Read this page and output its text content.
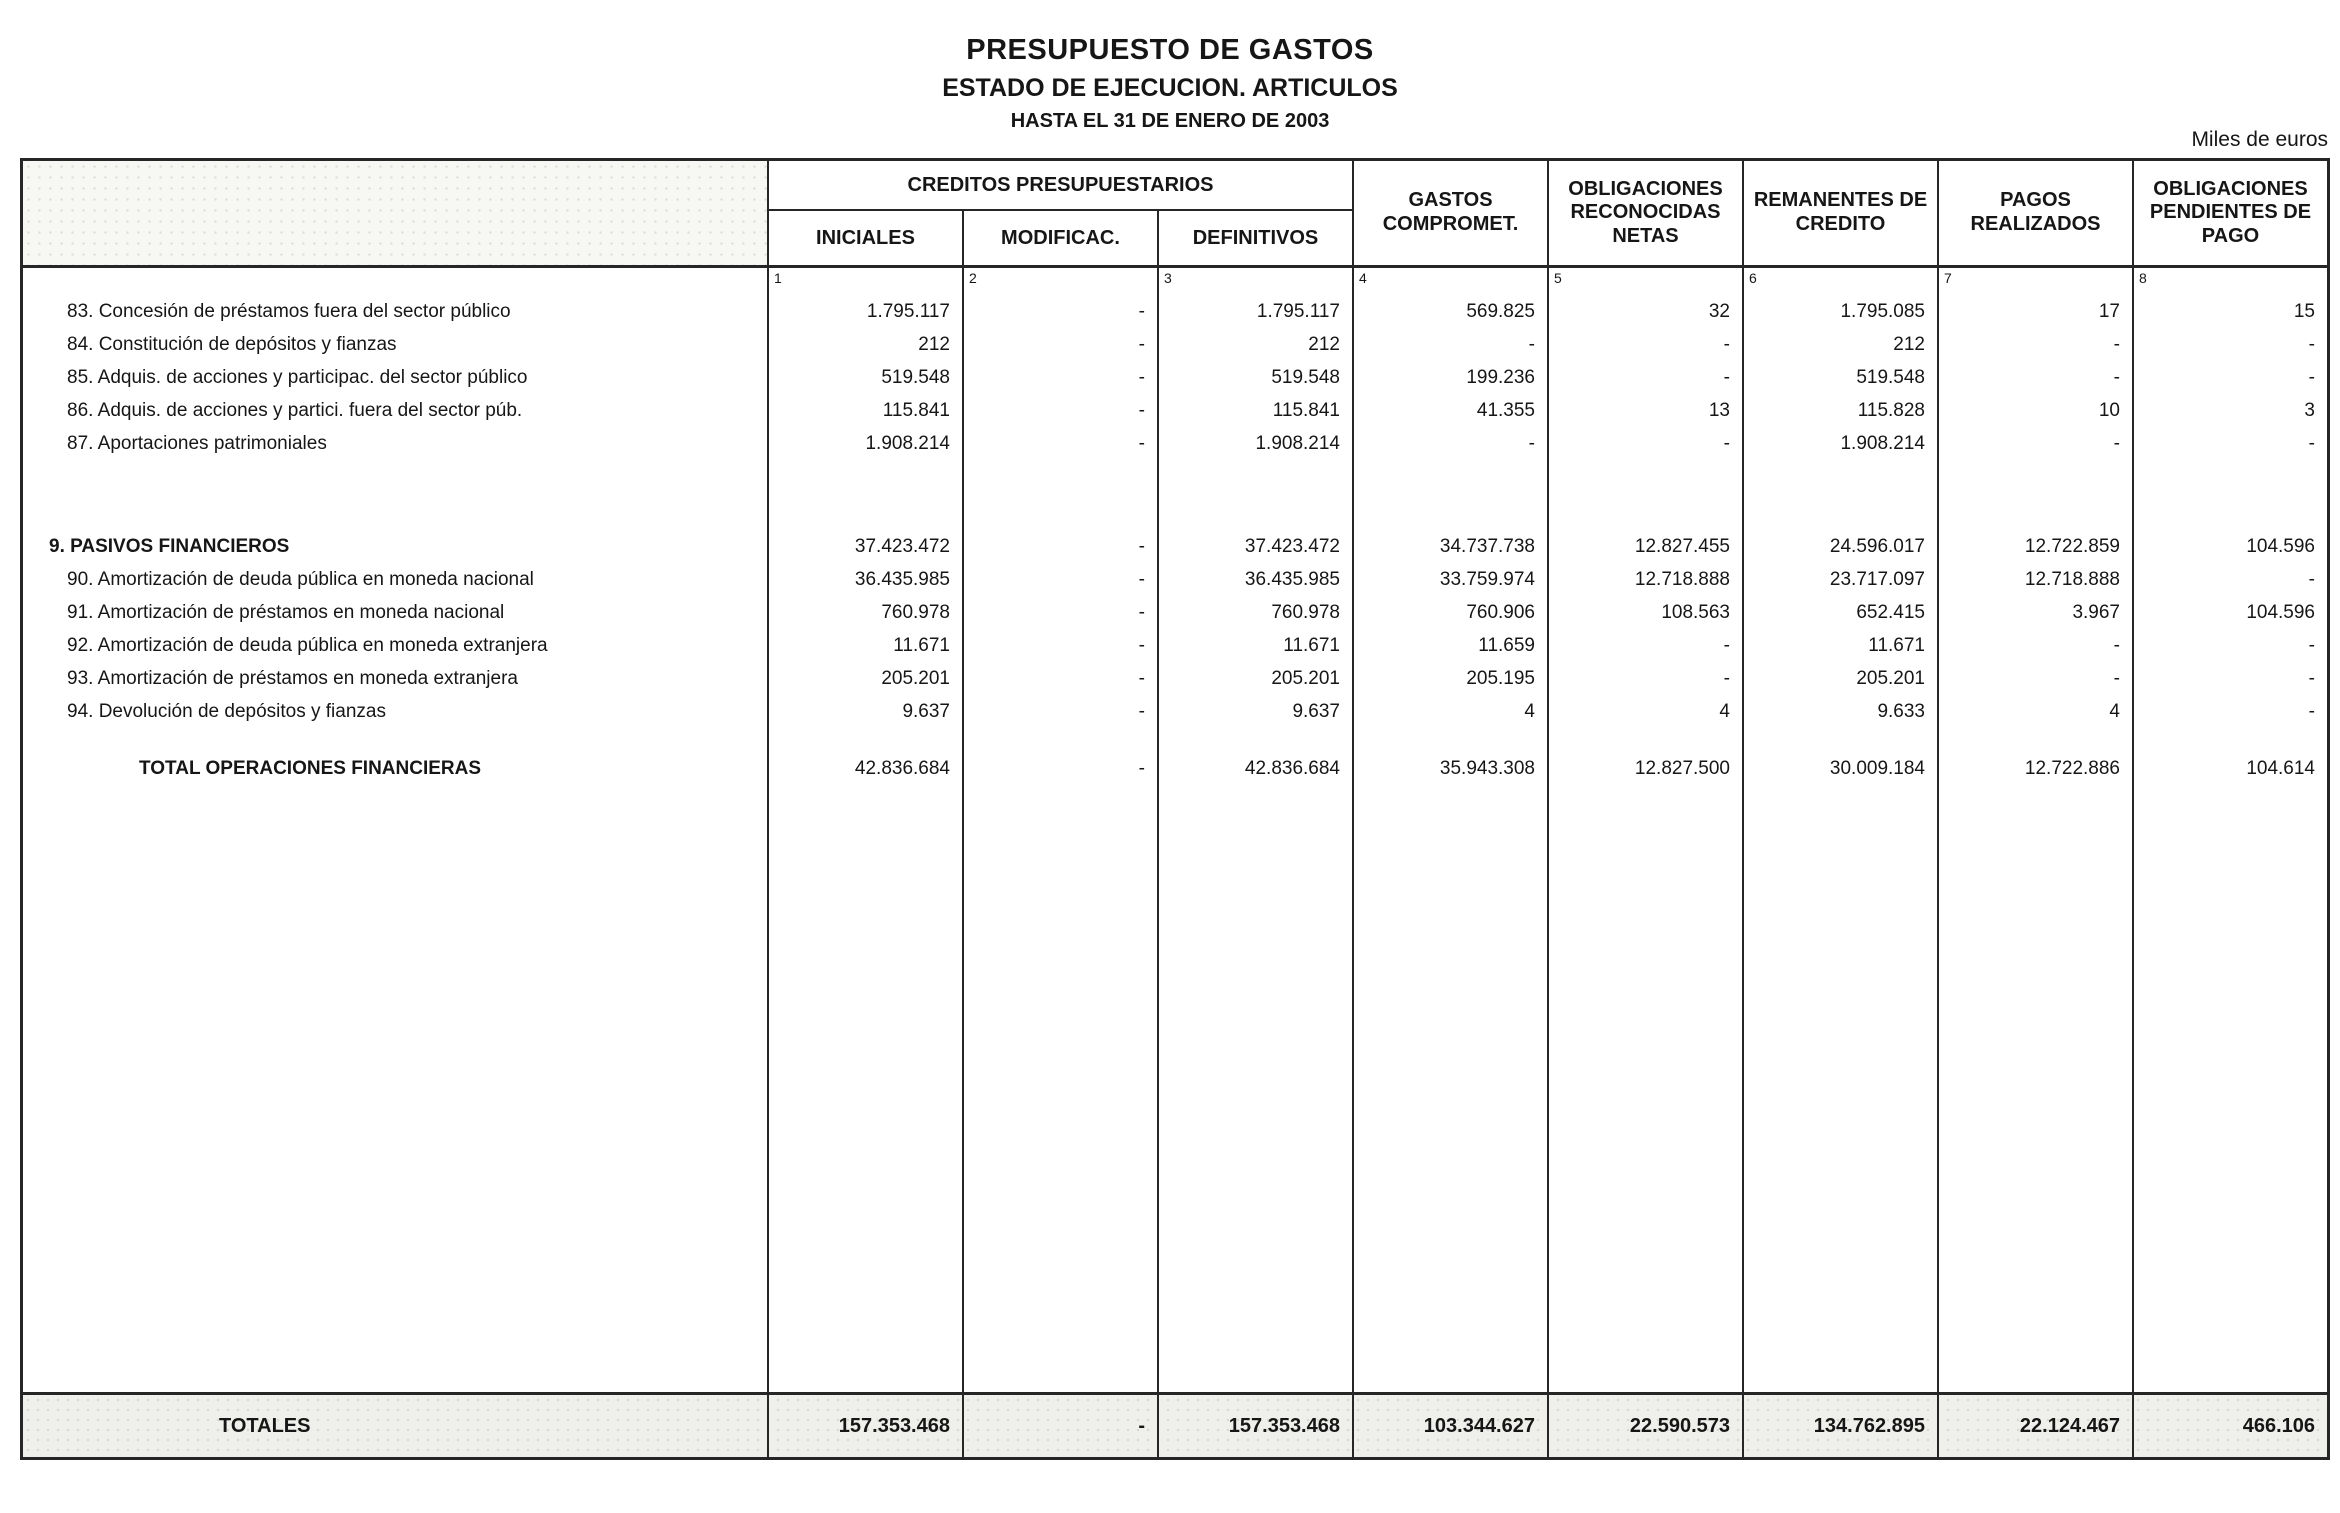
PRESUPUESTO DE GASTOS
ESTADO DE EJECUCION. ARTICULOS
HASTA EL 31 DE ENERO DE 2003
Miles de euros
CREDITOS PRESUPUESTARIOS
INICIALES	MODIFICAC.	DEFINITIVOS
GASTOS COMPROMET.
OBLIGACIONES RECONOCIDAS NETAS
REMANENTES DE CREDITO
PAGOS REALIZADOS
OBLIGACIONES PENDIENTES DE PAGO
1	2	3	4	5	6	7	8
83. Concesión de préstamos fuera del sector público	1.795.117	-	1.795.117	569.825	32	1.795.085	17	15
84. Constitución de depósitos y fianzas	212	-	212	-	-	212	-	-
85. Adquis. de acciones y participac. del sector público	519.548	-	519.548	199.236	-	519.548	-	-
86. Adquis. de acciones y partici. fuera del sector púb.	115.841	-	115.841	41.355	13	115.828	10	3
87. Aportaciones patrimoniales	1.908.214	-	1.908.214	-	-	1.908.214	-	-
9. PASIVOS FINANCIEROS	37.423.472	-	37.423.472	34.737.738	12.827.455	24.596.017	12.722.859	104.596
90. Amortización de deuda pública en moneda nacional	36.435.985	-	36.435.985	33.759.974	12.718.888	23.717.097	12.718.888	-
91. Amortización de préstamos en moneda nacional	760.978	-	760.978	760.906	108.563	652.415	3.967	104.596
92. Amortización de deuda pública en moneda extranjera	11.671	-	11.671	11.659	-	11.671	-	-
93. Amortización de préstamos en moneda extranjera	205.201	-	205.201	205.195	-	205.201	-	-
94. Devolución de depósitos y fianzas	9.637	-	9.637	4	4	9.633	4	-
TOTAL OPERACIONES FINANCIERAS	42.836.684	-	42.836.684	35.943.308	12.827.500	30.009.184	12.722.886	104.614
TOTALES	157.353.468	-	157.353.468	103.344.627	22.590.573	134.762.895	22.124.467	466.106
